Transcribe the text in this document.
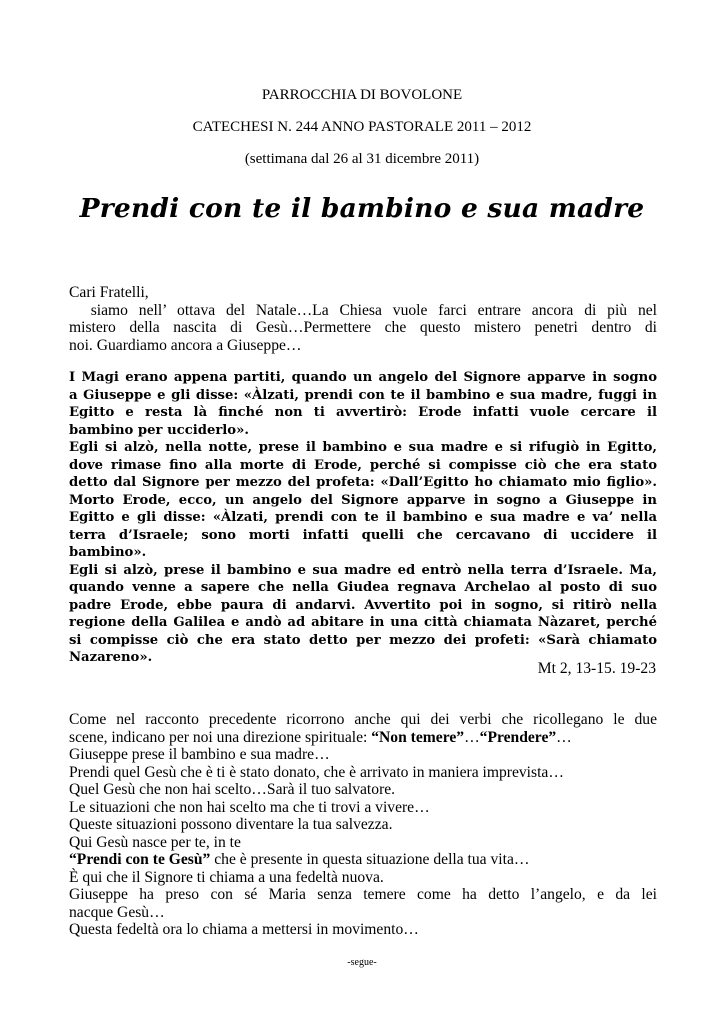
PARROCCHIA DI BOVOLONE
CATECHESI N. 244 ANNO PASTORALE 2011 – 2012
(settimana dal 26 al 31 dicembre 2011)
Prendi con te il bambino e sua madre
Cari Fratelli,
siamo nell’ ottava del Natale…La Chiesa vuole farci entrare ancora di più nel
mistero della nascita di Gesù…Permettere che questo mistero penetri dentro di
noi. Guardiamo ancora a Giuseppe…
I Magi erano appena partiti, quando un angelo del Signore apparve in sogno
a Giuseppe e gli disse: «Àlzati, prendi con te il bambino e sua madre, fuggi in
Egitto e resta là finché non ti avvertirò: Erode infatti vuole cercare il
bambino per ucciderlo».
Egli si alzò, nella notte, prese il bambino e sua madre e si rifugiò in Egitto,
dove rimase fino alla morte di Erode, perché si compisse ciò che era stato
detto dal Signore per mezzo del profeta: «Dall’Egitto ho chiamato mio figlio».
Morto Erode, ecco, un angelo del Signore apparve in sogno a Giuseppe in
Egitto e gli disse: «Àlzati, prendi con te il bambino e sua madre e va’ nella
terra d’Israele; sono morti infatti quelli che cercavano di uccidere il
bambino».
Egli si alzò, prese il bambino e sua madre ed entrò nella terra d’Israele. Ma,
quando venne a sapere che nella Giudea regnava Archelao al posto di suo
padre Erode, ebbe paura di andarvi. Avvertito poi in sogno, si ritirò nella
regione della Galilea e andò ad abitare in una città chiamata Nàzaret, perché
si compisse ciò che era stato detto per mezzo dei profeti: «Sarà chiamato
Nazareno».
Mt 2, 13-15. 19-23
Come nel racconto precedente ricorrono anche qui dei verbi che ricollegano le due
scene, indicano per noi una direzione spirituale: “Non temere”…“Prendere”…
Giuseppe prese il bambino e sua madre…
Prendi quel Gesù che è ti è stato donato, che è arrivato in maniera imprevista…
Quel Gesù che non hai scelto…Sarà il tuo salvatore.
Le situazioni che non hai scelto ma che ti trovi a vivere…
Queste situazioni possono diventare la tua salvezza.
Qui Gesù nasce per te, in te
“Prendi con te Gesù” che è presente in questa situazione della tua vita…
È qui che il Signore ti chiama a una fedeltà nuova.
Giuseppe ha preso con sé Maria senza temere come ha detto l’angelo, e da lei
nacque Gesù…
Questa fedeltà ora lo chiama a mettersi in movimento…
-segue-
